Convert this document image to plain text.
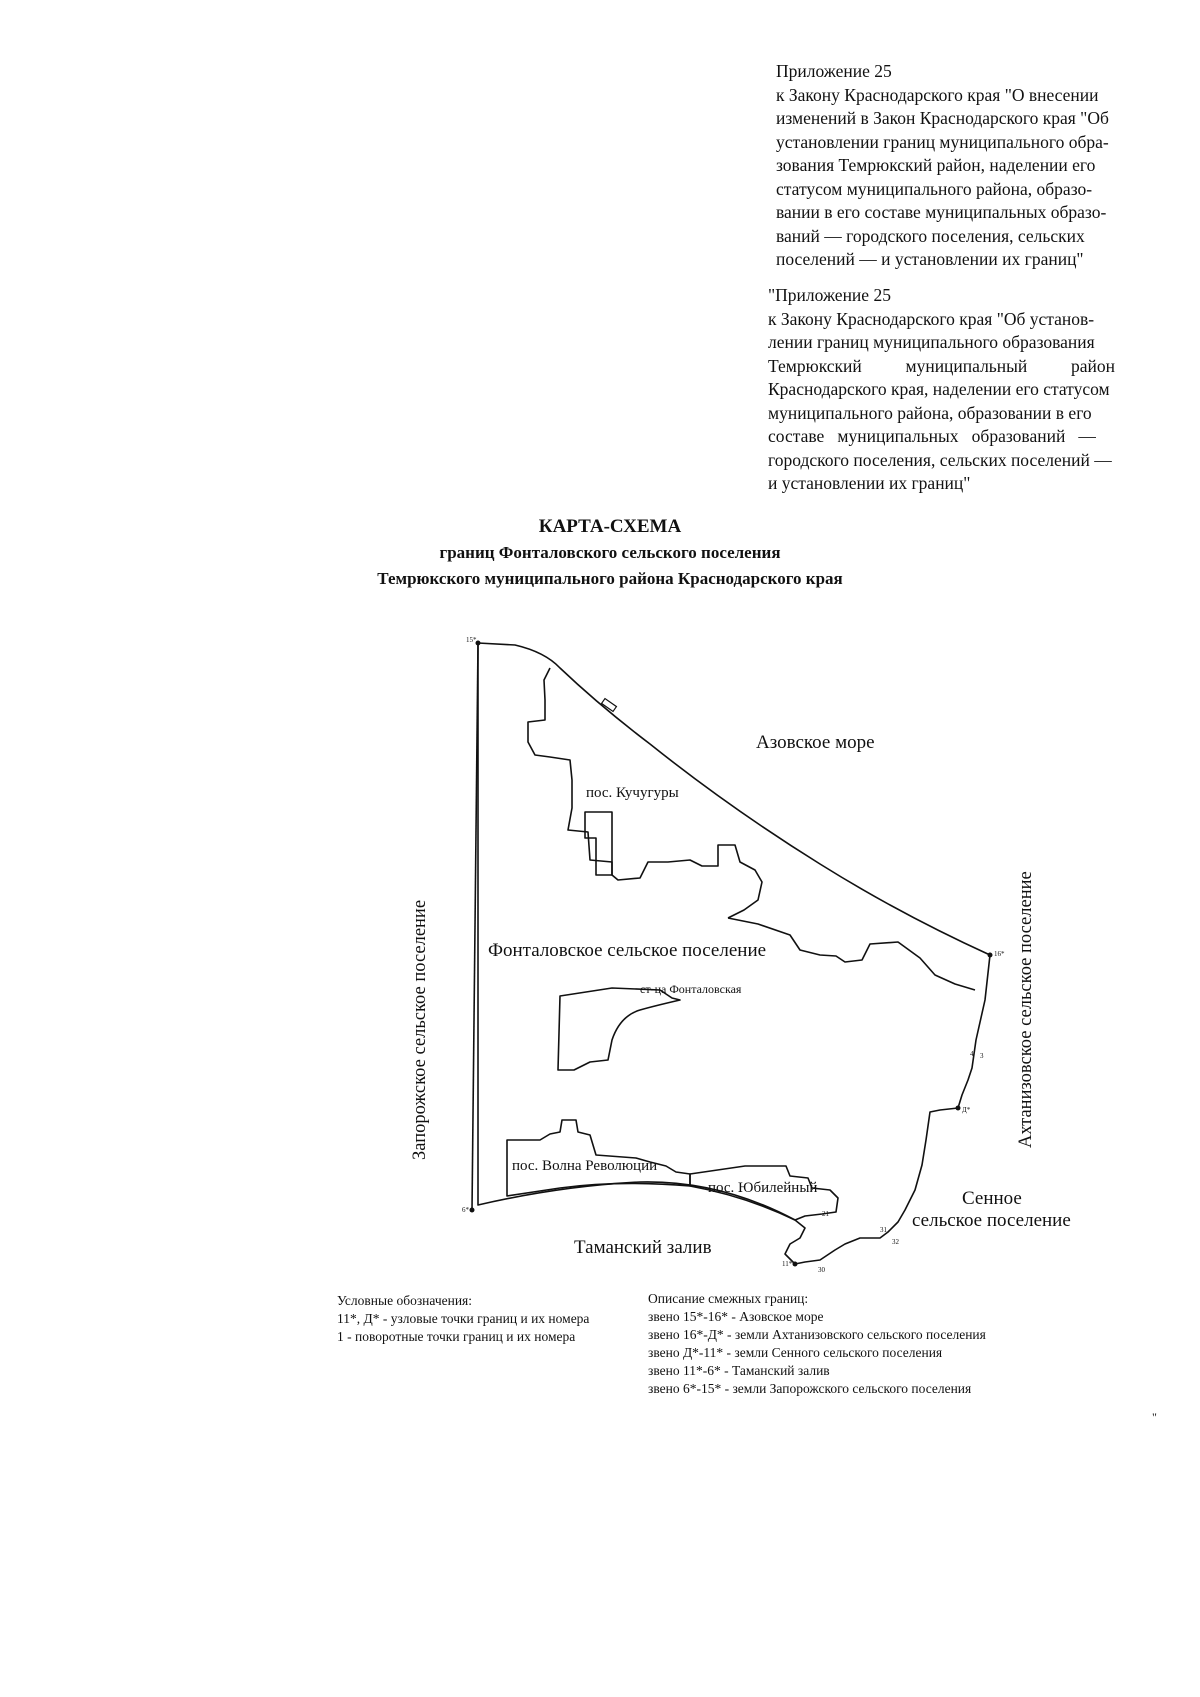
Приложение 25
к Закону Краснодарского края "О внесении
изменений в Закон Краснодарского края "Об
установлении границ муниципального обра-
зования Темрюкский район, наделении его
статусом муниципального района, образо-
вании в его составе муниципальных образо-
ваний — городского поселения, сельских
поселений — и установлении их границ"
"Приложение 25
к Закону Краснодарского края "Об установ-
лении границ муниципального образования
Темрюкский          муниципальный          район
Краснодарского края, наделении его статусом
муниципального района, образовании в его
составе   муниципальных   образований   —
городского поселения, сельских поселений —
и установлении их границ"
КАРТА-СХЕМА
границ Фонталовского сельского поселения
Темрюкского муниципального района Краснодарского края
Азовское море
Таманский залив
Фонталовское сельское поселение
пос. Кучугуры
ст-ца Фонталовская
пос. Волна Революции
пос. Юбилейный	Сенное
сельское поселение
Запорожское сельское поселение	Ахтанизовское сельское поселение
15*
16*
6*
Д*
11*
3
4
21
31
32
30
Условные обозначения:
11*, Д* - узловые точки границ и их номера
1 - поворотные точки границ и их номера
Описание смежных границ:
звено 15*-16* - Азовское море
звено 16*-Д* - земли Ахтанизовского сельского поселения
звено Д*-11* - земли Сенного сельского поселения
звено 11*-6* - Таманский залив
звено 6*-15* - земли Запорожского сельского поселения
"
